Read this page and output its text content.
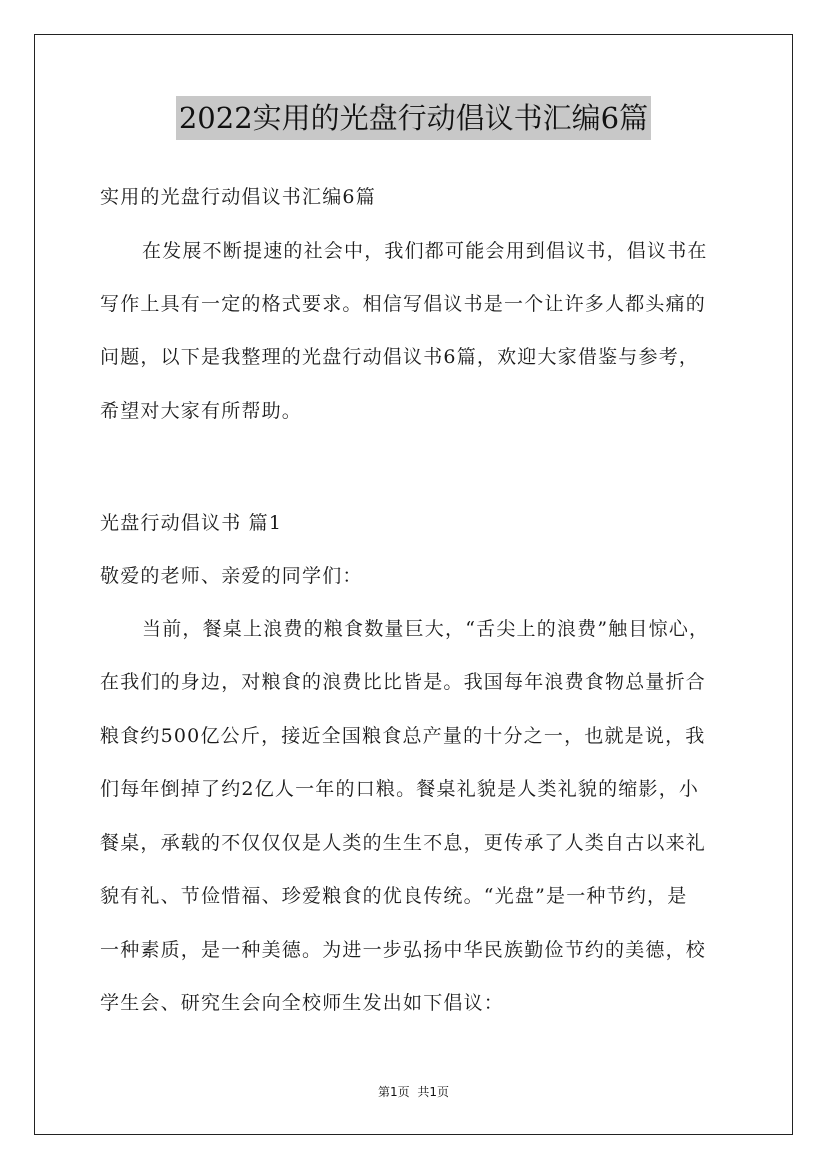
2022实用的光盘行动倡议书汇编6篇
实用的光盘行动倡议书汇编6篇
在发展不断提速的社会中，我们都可能会用到倡议书，倡议书在
写作上具有一定的格式要求。相信写倡议书是一个让许多人都头痛的
问题，以下是我整理的光盘行动倡议书6篇，欢迎大家借鉴与参考，
希望对大家有所帮助。
光盘行动倡议书 篇1
敬爱的老师、亲爱的同学们：
当前，餐桌上浪费的粮食数量巨大，“舌尖上的浪费”触目惊心，
在我们的身边，对粮食的浪费比比皆是。我国每年浪费食物总量折合
粮食约500亿公斤，接近全国粮食总产量的十分之一，也就是说，我
们每年倒掉了约2亿人一年的口粮。餐桌礼貌是人类礼貌的缩影，小
餐桌，承载的不仅仅仅是人类的生生不息，更传承了人类自古以来礼
貌有礼、节俭惜福、珍爱粮食的优良传统。“光盘”是一种节约，是
一种素质，是一种美德。为进一步弘扬中华民族勤俭节约的美德，校
学生会、研究生会向全校师生发出如下倡议：
第1页 共1页
